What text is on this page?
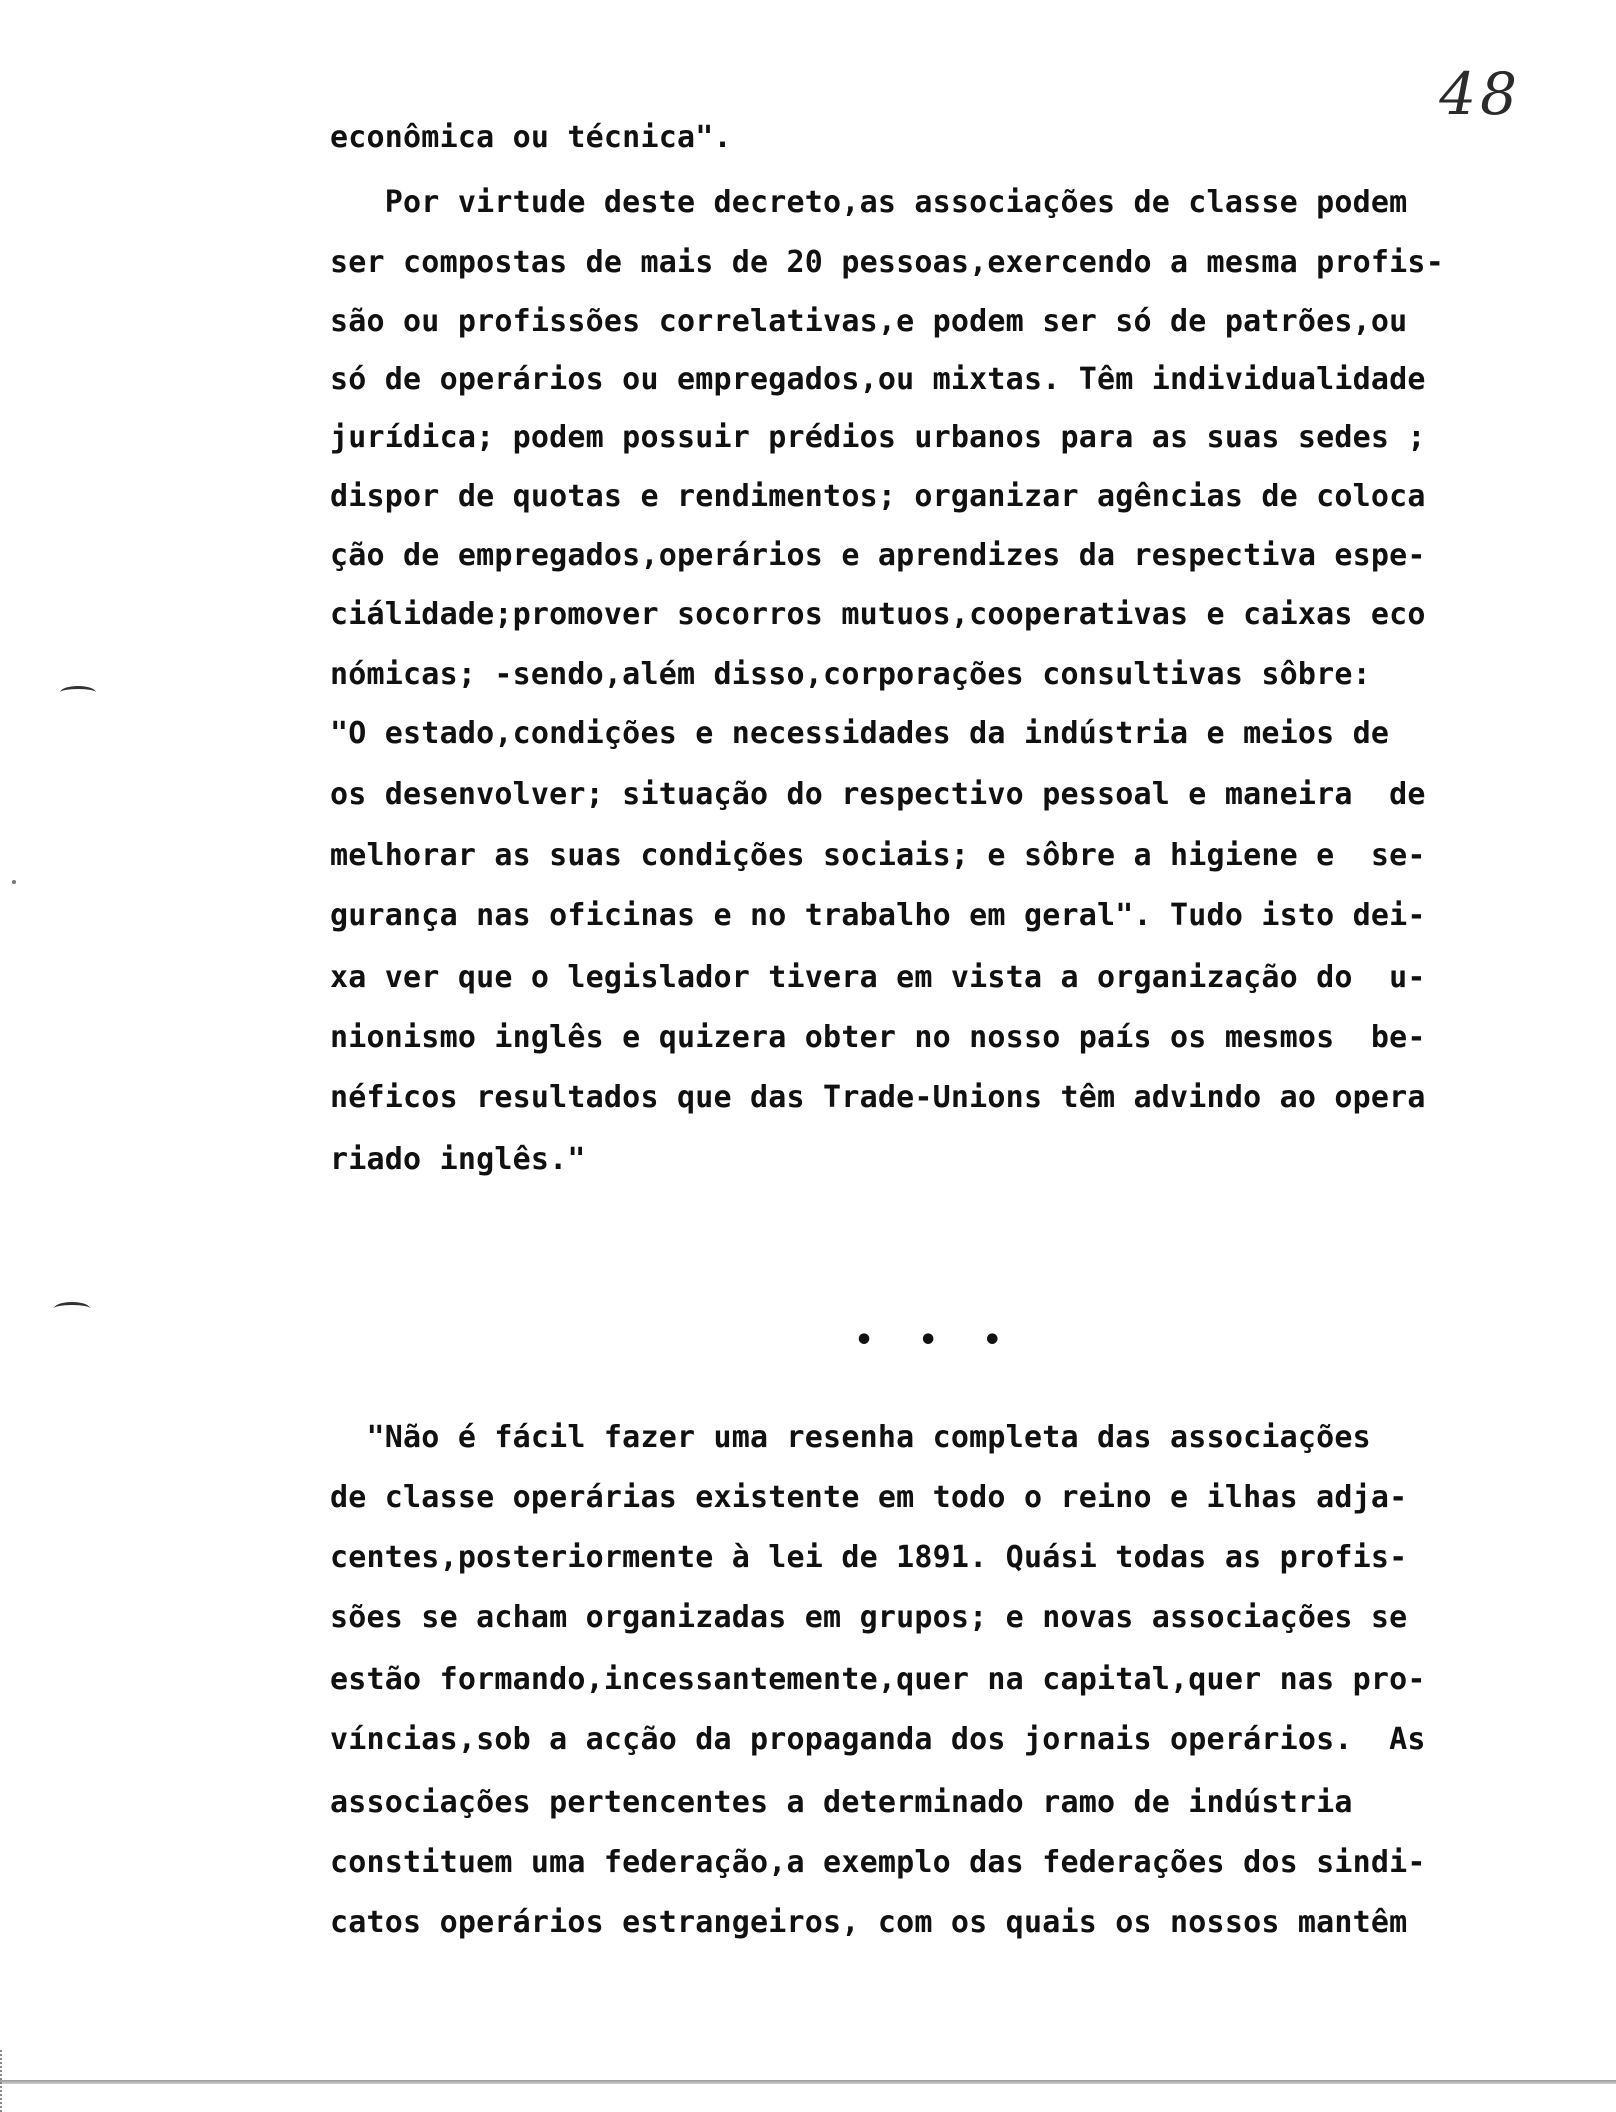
48
econômica ou técnica".
Por virtude deste decreto,as associações de classe podem
ser compostas de mais de 20 pessoas,exercendo a mesma profis-
são ou profissões correlativas,e podem ser só de patrões,ou
só de operários ou empregados,ou mixtas. Têm individualidade
jurídica; podem possuir prédios urbanos para as suas sedes ;
dispor de quotas e rendimentos; organizar agências de coloca
ção de empregados,operários e aprendizes da respectiva espe-
ciálidade;promover socorros mutuos,cooperativas e caixas eco
nómicas; -sendo,além disso,corporações consultivas sôbre:
"O estado,condições e necessidades da indústria e meios de
os desenvolver; situação do respectivo pessoal e maneira  de
melhorar as suas condições sociais; e sôbre a higiene e  se-
gurança nas oficinas e no trabalho em geral". Tudo isto dei-
xa ver que o legislador tivera em vista a organização do  u-
nionismo inglês e quizera obter no nosso país os mesmos  be-
néficos resultados que das Trade-Unions têm advindo ao opera
riado inglês."
• • •
"Não é fácil fazer uma resenha completa das associações
de classe operárias existente em todo o reino e ilhas adja-
centes,posteriormente à lei de 1891. Quási todas as profis-
sões se acham organizadas em grupos; e novas associações se
estão formando,incessantemente,quer na capital,quer nas pro-
víncias,sob a acção da propaganda dos jornais operários.  As
associações pertencentes a determinado ramo de indústria
constituem uma federação,a exemplo das federações dos sindi-
catos operários estrangeiros, com os quais os nossos mantêm
